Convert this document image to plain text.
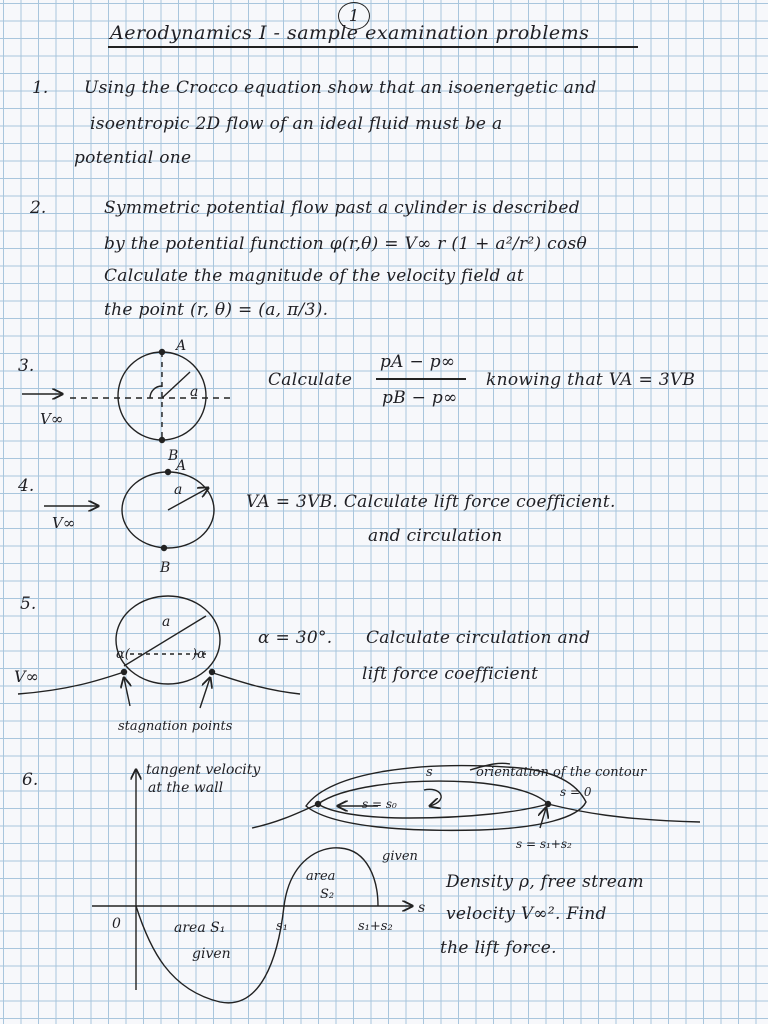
1
Aerodynamics I - sample examination problems
1. Using the Crocco equation show that an isoenergetic and
isoentropic 2D flow of an ideal fluid must be a
potential one
2.	Symmetric potential flow past a cylinder is described
by the potential function φ(r,θ) = V∞ r (1 + a²/r²) cosθ
Calculate the magnitude of the velocity field at
the point (r, θ) = (a, π/3).
3.
Calculate
pA − p∞
pB − p∞
knowing that VA = 3VB
4.
VA = 3VB. Calculate lift force coefficient.
and circulation
5.
α = 30°. Calculate circulation and
lift force coefficient
6.
Density ρ, free stream
velocity V∞². Find
the lift force.
A
B
a
V∞
A
B
a
V∞
a
α(	)α
V∞
stagnation points
orientation of the contour
s
s = s₀
s = 0
s = s₁+s₂
tangent velocity
at the wall
0	area S₁
given
area
S₂
given
s₁	s₁+s₂
s
